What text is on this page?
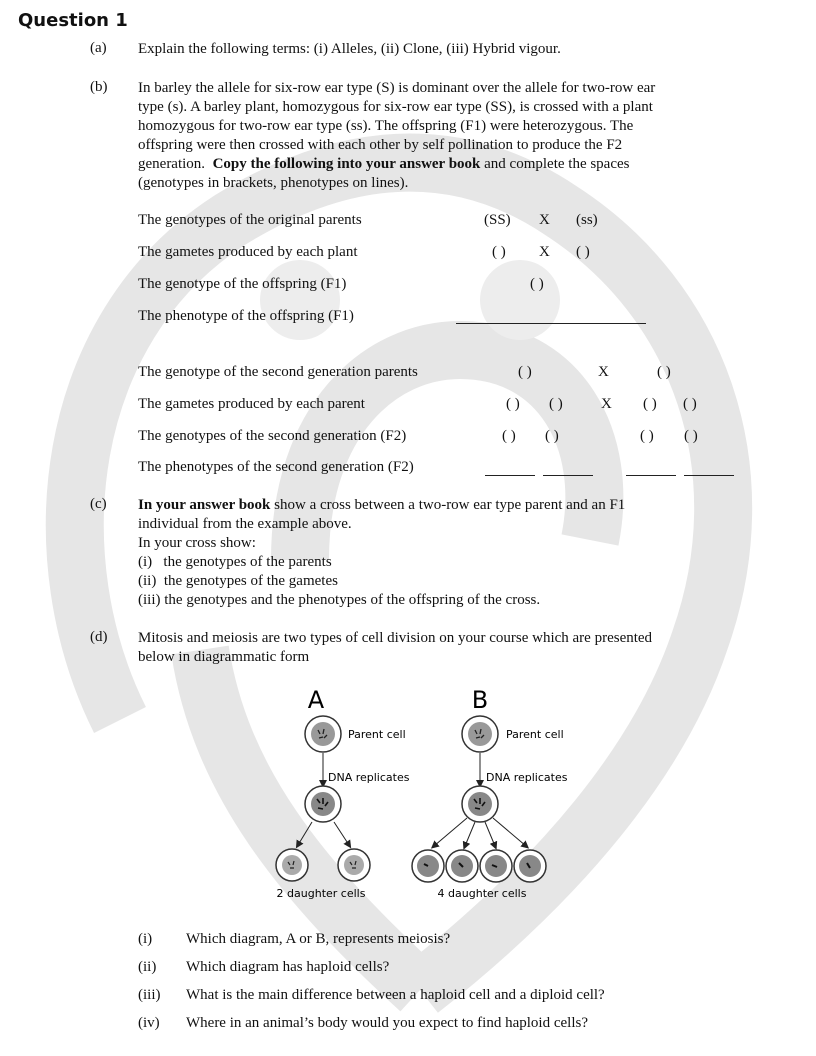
Question 1
(a) Explain the following terms: (i) Alleles, (ii) Clone, (iii) Hybrid vigour.
(b) In barley the allele for six-row ear type (S) is dominant over the allele for two-row ear
type (s). A barley plant, homozygous for six-row ear type (SS), is crossed with a plant
homozygous for two-row ear type (ss). The offspring (F1) were heterozygous. The
offspring were then crossed with each other by self pollination to produce the F2
generation. Copy the following into your answer book and complete the spaces
(genotypes in brackets, phenotypes on lines).
The genotypes of the original parents	(SS) X (ss)
The gametes produced by each plant	( ) X ( )
The genotype of the offspring (F1)	( )
The phenotype of the offspring (F1)
The genotype of the second generation parents	( )	X	( )
The gametes produced by each parent	( ) ( )	X ( ) ( )
The genotypes of the second generation (F2)	( ) ( )	( ) ( )
The phenotypes of the second generation (F2)
(c) In your answer book show a cross between a two-row ear type parent and an F1
individual from the example above.
In your cross show:
(i)   the genotypes of the parents
(ii)  the genotypes of the gametes
(iii) the genotypes and the phenotypes of the offspring of the cross.
(d) Mitosis and meiosis are two types of cell division on your course which are presented
below in diagrammatic form
A	B
Parent cell
DNA replicates
2 daughter cells
Parent cell
DNA replicates
4 daughter cells
(i) Which diagram, A or B, represents meiosis?
(ii) Which diagram has haploid cells?
(iii) What is the main difference between a haploid cell and a diploid cell?
(iv) Where in an animal’s body would you expect to find haploid cells?
